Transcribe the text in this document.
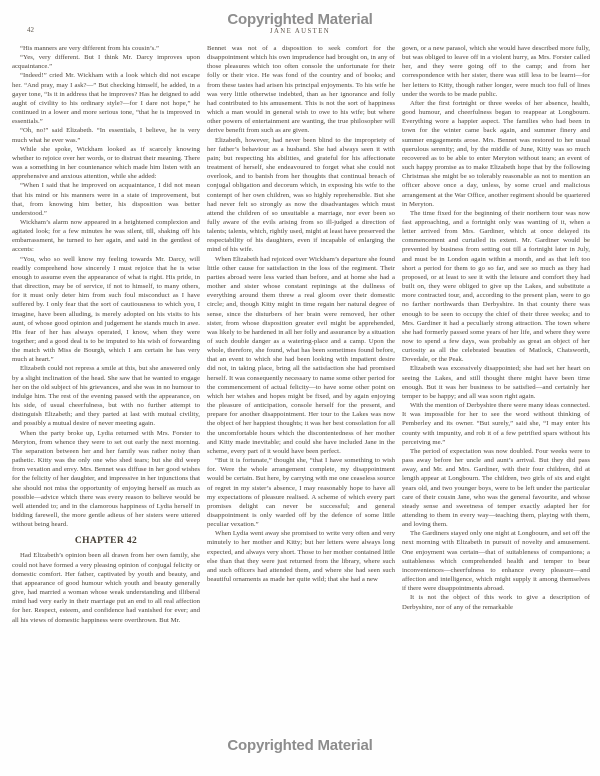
Copyrighted Material
JANE AUSTEN
42

“His manners are very different from his cousin’s.”

“Yes, very different. But I think Mr. Darcy improves upon acquaintance.”

“Indeed!” cried Mr. Wickham with a look which did not escape her. “And pray, may I ask?—” But checking himself, he added, in a gayer tone, “Is it in address that he improves? Has he deigned to add aught of civility to his ordinary style?—for I dare not hope,” he continued in a lower and more serious tone, “that he is improved in essentials.”

“Oh, no!” said Elizabeth. “In essentials, I believe, he is very much what he ever was.”

While she spoke, Wickham looked as if scarcely knowing whether to rejoice over her words, or to distrust their meaning. There was a something in her countenance which made him listen with an apprehensive and anxious attention, while she added:

“When I said that he improved on acquaintance, I did not mean that his mind or his manners were in a state of improvement, but that, from knowing him better, his disposition was better understood.”

Wickham’s alarm now appeared in a heightened complexion and agitated look; for a few minutes he was silent, till, shaking off his embarrassment, he turned to her again, and said in the gentlest of accents:

“You, who so well know my feeling towards Mr. Darcy, will readily comprehend how sincerely I must rejoice that he is wise enough to assume even the appearance of what is right. His pride, in that direction, may be of service, if not to himself, to many others, for it must only deter him from such foul misconduct as I have suffered by. I only fear that the sort of cautiousness to which you, I imagine, have been alluding, is merely adopted on his visits to his aunt, of whose good opinion and judgement he stands much in awe. His fear of her has always operated, I know, when they were together; and a good deal is to be imputed to his wish of forwarding the match with Miss de Bourgh, which I am certain he has very much at heart.”

Elizabeth could not repress a smile at this, but she answered only by a slight inclination of the head. She saw that he wanted to engage her on the old subject of his grievances, and she was in no humour to indulge him. The rest of the evening passed with the appearance, on his side, of usual cheerfulness, but with no further attempt to distinguish Elizabeth; and they parted at last with mutual civility, and possibly a mutual desire of never meeting again.

When the party broke up, Lydia returned with Mrs. Forster to Meryton, from whence they were to set out early the next morning. The separation between her and her family was rather noisy than pathetic. Kitty was the only one who shed tears; but she did weep from vexation and envy. Mrs. Bennet was diffuse in her good wishes for the felicity of her daughter, and impressive in her injunctions that she should not miss the opportunity of enjoying herself as much as possible—advice which there was every reason to believe would be well attended to; and in the clamorous happiness of Lydia herself in bidding farewell, the more gentle adieus of her sisters were uttered without being heard.

CHAPTER 42

Had Elizabeth’s opinion been all drawn from her own family, she could not have formed a very pleasing opinion of conjugal felicity or domestic comfort. Her father, captivated by youth and beauty, and that appearance of good humour which youth and beauty generally give, had married a woman whose weak understanding and illiberal mind had very early in their marriage put an end to all real affection for her. Respect, esteem, and confidence had vanished for ever; and all his views of domestic happiness were overthrown. But Mr.

Bennet was not of a disposition to seek comfort for the disappointment which his own imprudence had brought on, in any of those pleasures which too often console the unfortunate for their folly or their vice. He was fond of the country and of books; and from these tastes had arisen his principal enjoyments. To his wife he was very little otherwise indebted, than as her ignorance and folly had contributed to his amusement. This is not the sort of happiness which a man would in general wish to owe to his wife; but where other powers of entertainment are wanting, the true philosopher will derive benefit from such as are given.

Elizabeth, however, had never been blind to the impropriety of her father’s behaviour as a husband. She had always seen it with pain; but respecting his abilities, and grateful for his affectionate treatment of herself, she endeavoured to forget what she could not overlook, and to banish from her thoughts that continual breach of conjugal obligation and decorum which, in exposing his wife to the contempt of her own children, was so highly reprehensible. But she had never felt so strongly as now the disadvantages which must attend the children of so unsuitable a marriage, nor ever been so fully aware of the evils arising from so ill-judged a direction of talents; talents, which, rightly used, might at least have preserved the respectability of his daughters, even if incapable of enlarging the mind of his wife.

When Elizabeth had rejoiced over Wickham’s departure she found little other cause for satisfaction in the loss of the regiment. Their parties abroad were less varied than before, and at home she had a mother and sister whose constant repinings at the dullness of everything around them threw a real gloom over their domestic circle; and, though Kitty might in time regain her natural degree of sense, since the disturbers of her brain were removed, her other sister, from whose disposition greater evil might be apprehended, was likely to be hardened in all her folly and assurance by a situation of such double danger as a watering-place and a camp. Upon the whole, therefore, she found, what has been sometimes found before, that an event to which she had been looking with impatient desire did not, in taking place, bring all the satisfaction she had promised herself. It was consequently necessary to name some other period for the commencement of actual felicity—to have some other point on which her wishes and hopes might be fixed, and by again enjoying the pleasure of anticipation, console herself for the present, and prepare for another disappointment. Her tour to the Lakes was now the object of her happiest thoughts; it was her best consolation for all the uncomfortable hours which the discontentedness of her mother and Kitty made inevitable; and could she have included Jane in the scheme, every part of it would have been perfect.

“But it is fortunate,” thought she, “that I have something to wish for. Were the whole arrangement complete, my disappointment would be certain. But here, by carrying with me one ceaseless source of regret in my sister’s absence, I may reasonably hope to have all my expectations of pleasure realised. A scheme of which every part promises delight can never be successful; and general disappointment is only warded off by the defence of some little peculiar vexation.”

When Lydia went away she promised to write very often and very minutely to her mother and Kitty; but her letters were always long expected, and always very short. Those to her mother contained little else than that they were just returned from the library, where such and such officers had attended them, and where she had seen such beautiful ornaments as made her quite wild; that she had a new

gown, or a new parasol, which she would have described more fully, but was obliged to leave off in a violent hurry, as Mrs. Forster called her, and they were going off to the camp; and from her correspondence with her sister, there was still less to be learnt—for her letters to Kitty, though rather longer, were much too full of lines under the words to be made public.

After the first fortnight or three weeks of her absence, health, good humour, and cheerfulness began to reappear at Longbourn. Everything wore a happier aspect. The families who had been in town for the winter came back again, and summer finery and summer engagements arose. Mrs. Bennet was restored to her usual querulous serenity; and, by the middle of June, Kitty was so much recovered as to be able to enter Meryton without tears; an event of such happy promise as to make Elizabeth hope that by the following Christmas she might be so tolerably reasonable as not to mention an officer above once a day, unless, by some cruel and malicious arrangement at the War Office, another regiment should be quartered in Meryton.

The time fixed for the beginning of their northern tour was now fast approaching, and a fortnight only was wanting of it, when a letter arrived from Mrs. Gardiner, which at once delayed its commencement and curtailed its extent. Mr. Gardiner would be prevented by business from setting out till a fortnight later in July, and must be in London again within a month, and as that left too short a period for them to go so far, and see so much as they had proposed, or at least to see it with the leisure and comfort they had built on, they were obliged to give up the Lakes, and substitute a more contracted tour, and, according to the present plan, were to go no farther northwards than Derbyshire. In that county there was enough to be seen to occupy the chief of their three weeks; and to Mrs. Gardiner it had a peculiarly strong attraction. The town where she had formerly passed some years of her life, and where they were now to spend a few days, was probably as great an object of her curiosity as all the celebrated beauties of Matlock, Chatsworth, Dovedale, or the Peak.

Elizabeth was excessively disappointed; she had set her heart on seeing the Lakes, and still thought there might have been time enough. But it was her business to be satisfied—and certainly her temper to be happy; and all was soon right again.

With the mention of Derbyshire there were many ideas connected. It was impossible for her to see the word without thinking of Pemberley and its owner. “But surely,” said she, “I may enter his county with impunity, and rob it of a few petrified spars without his perceiving me.”

The period of expectation was now doubled. Four weeks were to pass away before her uncle and aunt’s arrival. But they did pass away, and Mr. and Mrs. Gardiner, with their four children, did at length appear at Longbourn. The children, two girls of six and eight years old, and two younger boys, were to be left under the particular care of their cousin Jane, who was the general favourite, and whose steady sense and sweetness of temper exactly adapted her for attending to them in every way—teaching them, playing with them, and loving them.

The Gardiners stayed only one night at Longbourn, and set off the next morning with Elizabeth in pursuit of novelty and amusement. One enjoyment was certain—that of suitableness of companions; a suitableness which comprehended health and temper to bear inconveniences—cheerfulness to enhance every pleasure—and affection and intelligence, which might supply it among themselves if there were disappointments abroad.

It is not the object of this work to give a description of Derbyshire, nor of any of the remarkable

Copyrighted Material
